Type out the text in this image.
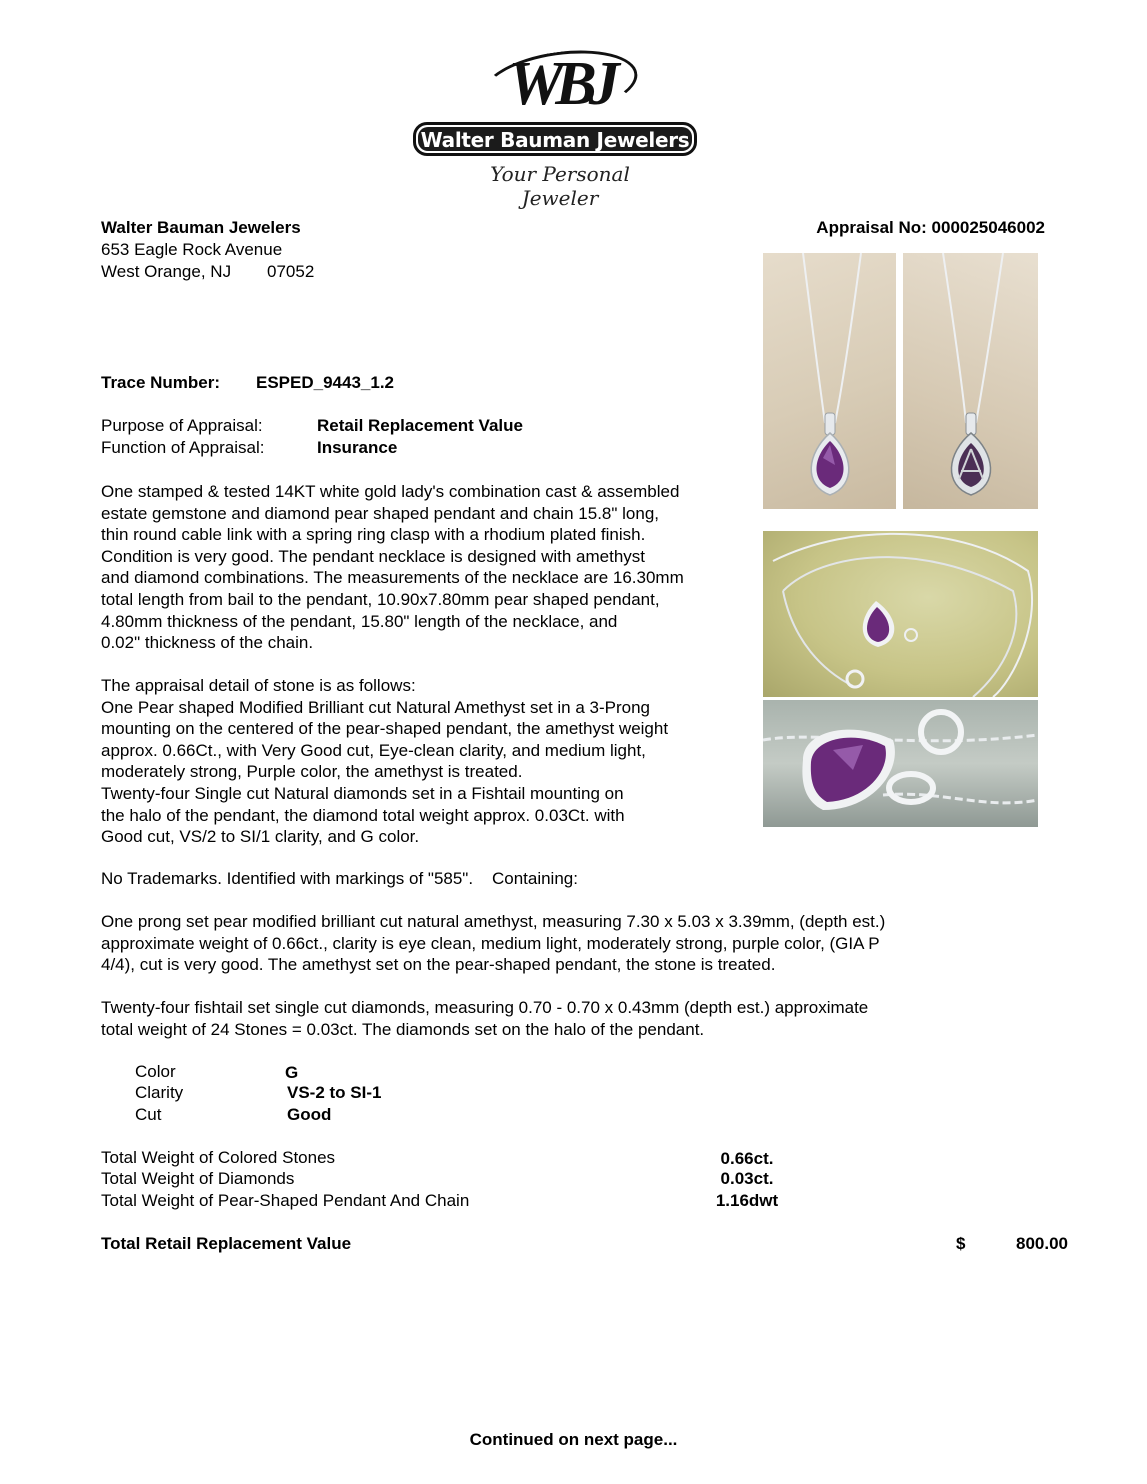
WBJ
Walter Bauman Jewelers
Your Personal Jeweler
Walter Bauman Jewelers
653 Eagle Rock Avenue
West Orange, NJ 07052
Appraisal No: 000025046002
Trace Number: ESPED_9443_1.2
Purpose of Appraisal:	Retail Replacement Value
Function of Appraisal:	Insurance
One stamped & tested 14KT white gold lady's combination cast & assembled
estate gemstone and diamond pear shaped pendant and chain 15.8" long,
thin round cable link with a spring ring clasp with a rhodium plated finish.
Condition is very good. The pendant necklace is designed with amethyst
and diamond combinations. The measurements of the necklace are 16.30mm
total length from bail to the pendant, 10.90x7.80mm pear shaped pendant,
4.80mm thickness of the pendant, 15.80" length of the necklace, and
0.02" thickness of the chain.
The appraisal detail of stone is as follows:
One Pear shaped Modified Brilliant cut Natural Amethyst set in a 3-Prong
mounting on the centered of the pear-shaped pendant, the amethyst weight
approx. 0.66Ct., with Very Good cut, Eye-clean clarity, and medium light,
moderately strong, Purple color, the amethyst is treated.
Twenty-four Single cut Natural diamonds set in a Fishtail mounting on
the halo of the pendant, the diamond total weight approx. 0.03Ct. with
Good cut, VS/2 to SI/1 clarity, and G color.
No Trademarks. Identified with markings of "585".    Containing:
One prong set pear modified brilliant cut natural amethyst, measuring 7.30 x 5.03 x 3.39mm, (depth est.)
approximate weight of 0.66ct., clarity is eye clean, medium light, moderately strong, purple color, (GIA P
4/4), cut is very good. The amethyst set on the pear-shaped pendant, the stone is treated.
Twenty-four fishtail set single cut diamonds, measuring 0.70 - 0.70 x 0.43mm (depth est.) approximate
total weight of 24 Stones = 0.03ct. The diamonds set on the halo of the pendant.
Color	G
Clarity	VS-2 to SI-1
Cut	Good
Total Weight of Colored Stones	0.66ct.
Total Weight of Diamonds	0.03ct.
Total Weight of Pear-Shaped Pendant And Chain	1.16dwt
Total Retail Replacement Value	$	800.00
Continued on next page...
